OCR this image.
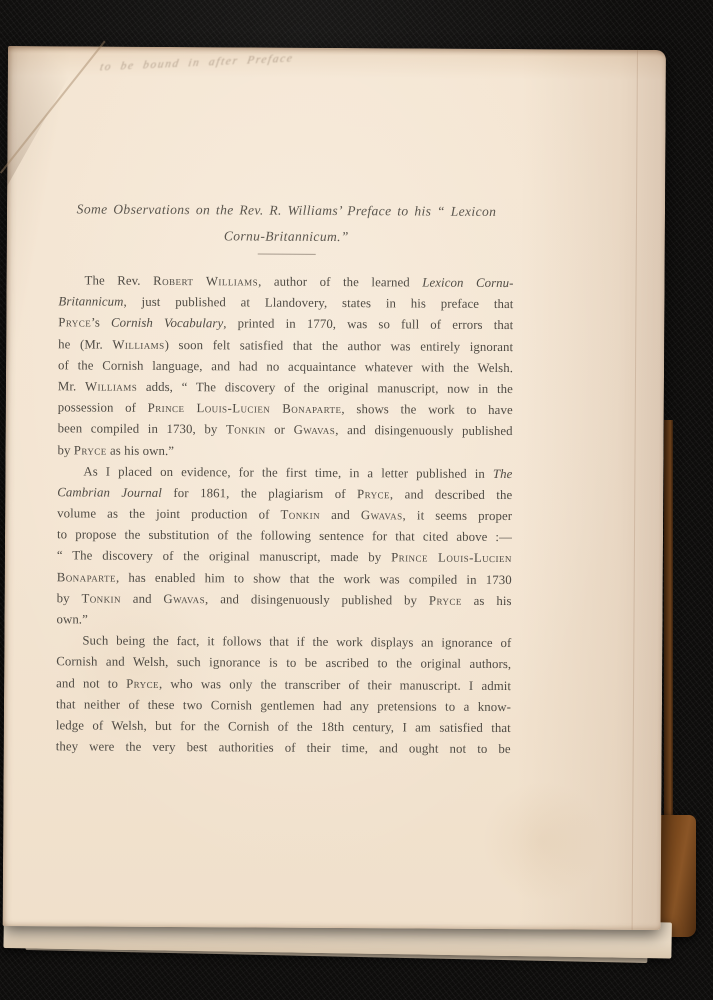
to be bound in after Preface
Some Observations on the Rev. R. Williams’ Preface to his “ Lexicon
Cornu-Britannicum.”
The Rev. Robert Williams, author of the learned Lexicon Cornu-
Britannicum, just published at Llandovery, states in his preface that
Pryce’s Cornish Vocabulary, printed in 1770, was so full of errors that
he (Mr. Williams) soon felt satisfied that the author was entirely ignorant
of the Cornish language, and had no acquaintance whatever with the Welsh.
Mr. Williams adds, “ The discovery of the original manuscript, now in the
possession of Prince Louis-Lucien Bonaparte, shows the work to have
been compiled in 1730, by Tonkin or Gwavas, and disingenuously published
by Pryce as his own.”
As I placed on evidence, for the first time, in a letter published in The
Cambrian Journal for 1861, the plagiarism of Pryce, and described the
volume as the joint production of Tonkin and Gwavas, it seems proper
to propose the substitution of the following sentence for that cited above :—
“ The discovery of the original manuscript, made by Prince Louis-Lucien
Bonaparte, has enabled him to show that the work was compiled in 1730
by Tonkin and Gwavas, and disingenuously published by Pryce as his
own.”
Such being the fact, it follows that if the work displays an ignorance of
Cornish and Welsh, such ignorance is to be ascribed to the original authors,
and not to Pryce, who was only the transcriber of their manuscript. I admit
that neither of these two Cornish gentlemen had any pretensions to a know-
ledge of Welsh, but for the Cornish of the 18th century, I am satisfied that
they were the very best authorities of their time, and ought not to be
